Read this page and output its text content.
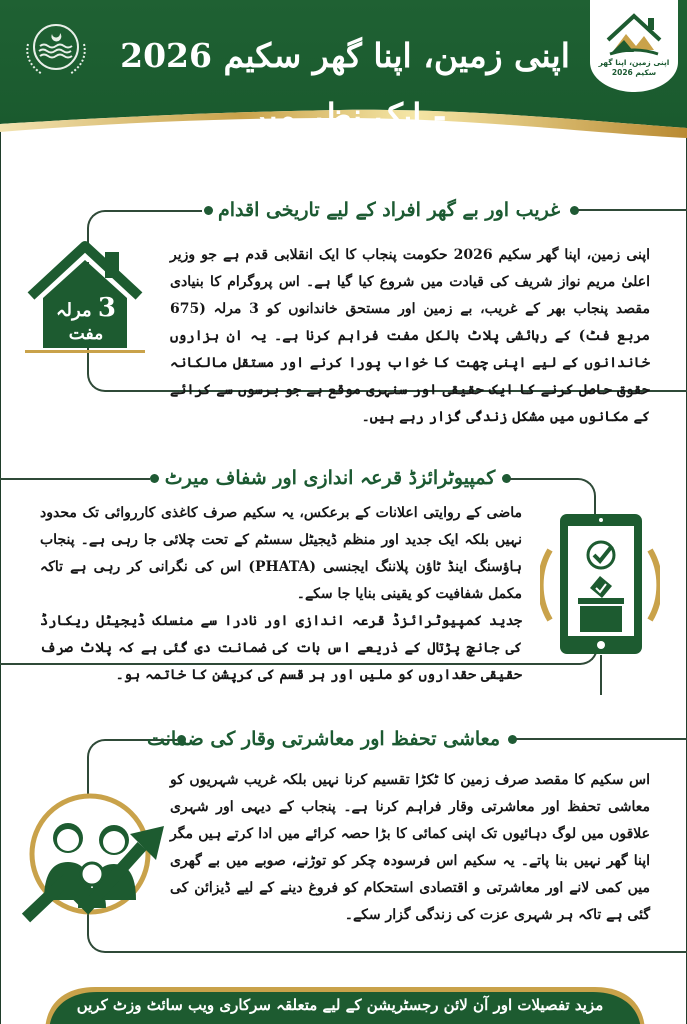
اپنی زمین، اپنا گھر سکیم 2026 - ایک نظر میں
اپنی زمین، اپنا گھر
سکیم 2026
غریب اور بے گھر افراد کے لیے تاریخی اقدام
3 مرلہ
مفت
اپنی زمین، اپنا گھر سکیم 2026 حکومت پنجاب کا ایک انقلابی قدم ہے جو وزیر اعلیٰ مریم نواز شریف کی قیادت میں شروع کیا گیا ہے۔ اس پروگرام کا بنیادی مقصد پنجاب بھر کے غریب، بے زمین اور مستحق خاندانوں کو 3 مرلہ (675 مربع فٹ) کے رہائشی پلاٹ بالکل مفت فراہم کرنا ہے۔ یہ ان ہزاروں خاندانوں کے لیے اپنی چھت کا خواب پورا کرنے اور مستقل مالکانہ حقوق حاصل کرنے کا ایک حقیقی اور سنہری موقع ہے جو برسوں سے کرائے کے مکانوں میں مشکل زندگی گزار رہے ہیں۔
کمپیوٹرائزڈ قرعہ اندازی اور شفاف میرٹ
ماضی کے روایتی اعلانات کے برعکس، یہ سکیم صرف کاغذی کارروائی تک محدود نہیں بلکہ ایک جدید اور منظم ڈیجیٹل سسٹم کے تحت چلائی جا رہی ہے۔ پنجاب ہاؤسنگ اینڈ ٹاؤن پلاننگ ایجنسی (PHATA) اس کی نگرانی کر رہی ہے تاکہ مکمل شفافیت کو یقینی بنایا جا سکے۔
جدید کمپیوٹرائزڈ قرعہ اندازی اور نادرا سے منسلک ڈیجیٹل ریکارڈ کی جانچ پڑتال کے ذریعے اس بات کی ضمانت دی گئی ہے کہ پلاٹ صرف حقیقی حقداروں کو ملیں اور ہر قسم کی کرپشن کا خاتمہ ہو۔
معاشی تحفظ اور معاشرتی وقار کی ضمانت
اس سکیم کا مقصد صرف زمین کا ٹکڑا تقسیم کرنا نہیں بلکہ غریب شہریوں کو معاشی تحفظ اور معاشرتی وقار فراہم کرنا ہے۔ پنجاب کے دیہی اور شہری علاقوں میں لوگ دہائیوں تک اپنی کمائی کا بڑا حصہ کرائے میں ادا کرتے ہیں مگر اپنا گھر نہیں بنا پاتے۔ یہ سکیم اس فرسودہ چکر کو توڑنے، صوبے میں بے گھری میں کمی لانے اور معاشرتی و اقتصادی استحکام کو فروغ دینے کے لیے ڈیزائن کی گئی ہے تاکہ ہر شہری عزت کی زندگی گزار سکے۔
مزید تفصیلات اور آن لائن رجسٹریشن کے لیے متعلقہ سرکاری ویب سائٹ وزٹ کریں
